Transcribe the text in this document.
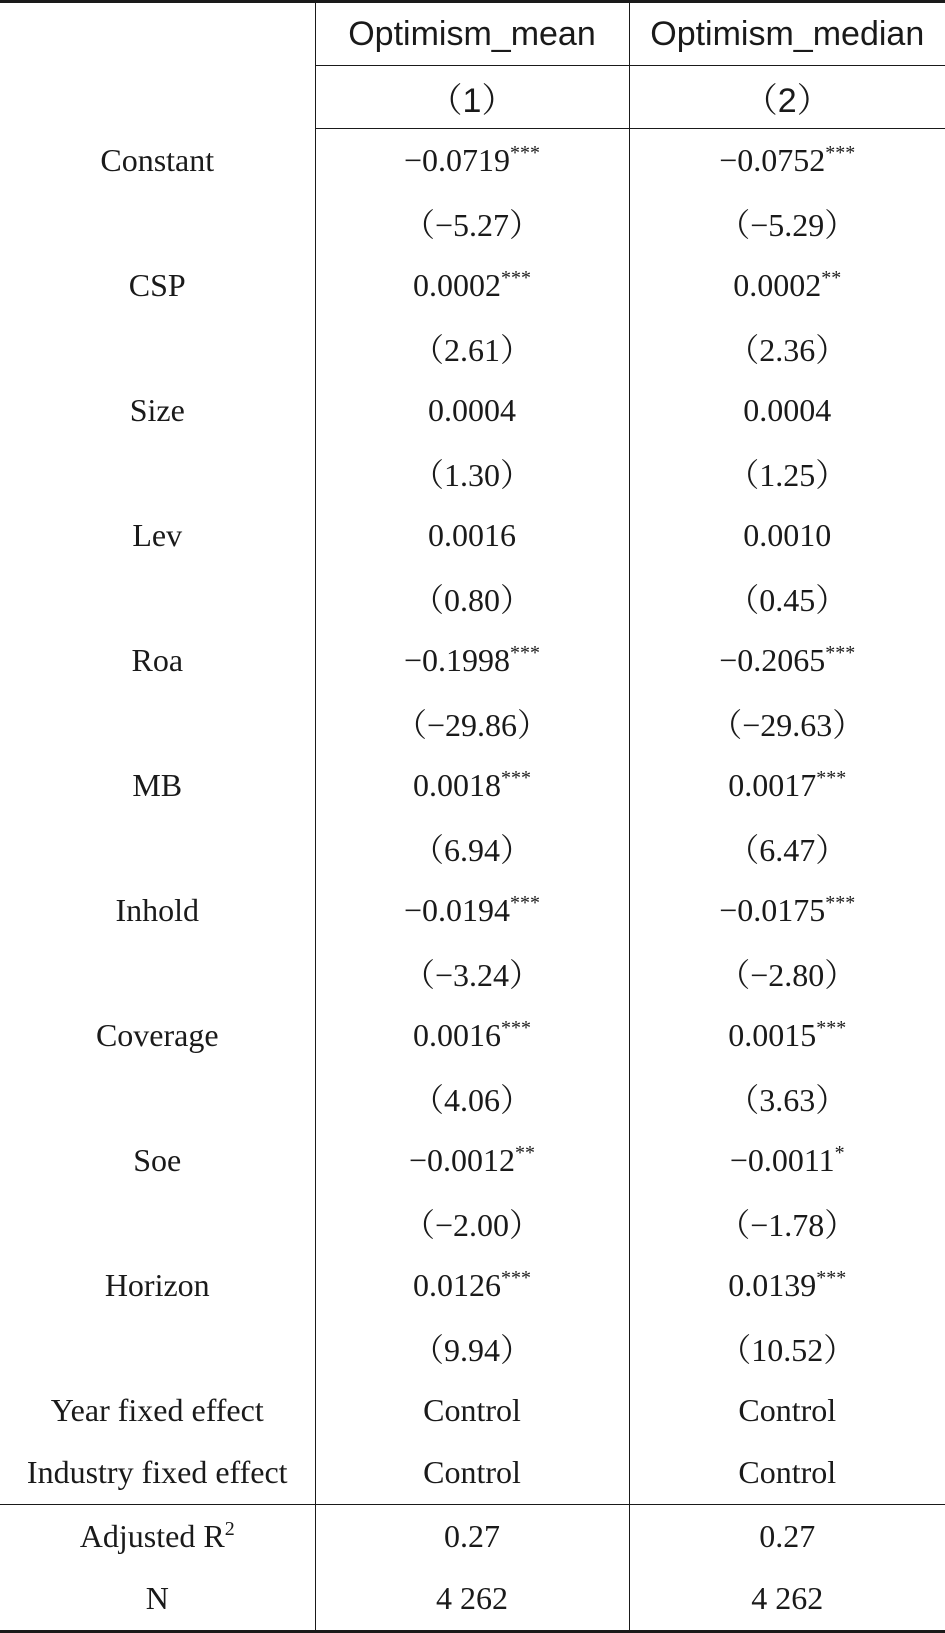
	Optimism_mean	Optimism_median
	（1）	（2）
Constant	−0.0719***	−0.0752***
	（−5.27）	（−5.29）
CSP	0.0002***	0.0002**
	（2.61）	（2.36）
Size	0.0004	0.0004
	（1.30）	（1.25）
Lev	0.0016	0.0010
	（0.80）	（0.45）
Roa	−0.1998***	−0.2065***
	（−29.86）	（−29.63）
MB	0.0018***	0.0017***
	（6.94）	（6.47）
Inhold	−0.0194***	−0.0175***
	（−3.24）	（−2.80）
Coverage	0.0016***	0.0015***
	（4.06）	（3.63）
Soe	−0.0012**	−0.0011*
	（−2.00）	（−1.78）
Horizon	0.0126***	0.0139***
	（9.94）	（10.52）
Year fixed effect	Control	Control
Industry fixed effect	Control	Control
Adjusted $R^2$	0.27	0.27
N	4 262	4 262
